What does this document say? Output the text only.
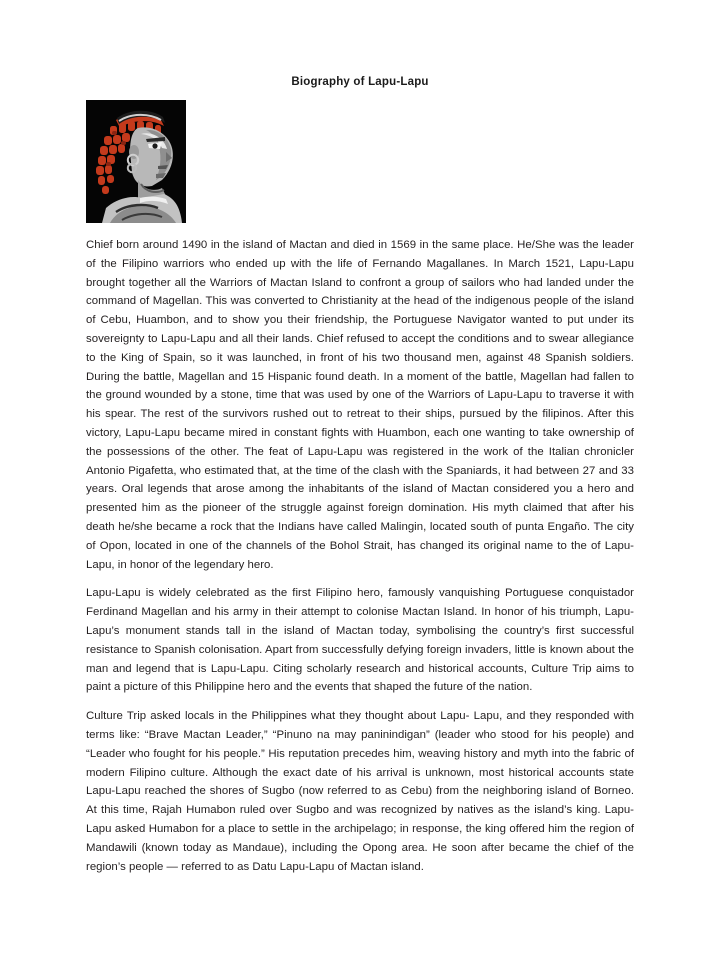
Biography of Lapu-Lapu

Chief born around 1490 in the island of Mactan and died in 1569 in the same place. He/She was the leader of the Filipino warriors who ended up with the life of Fernando Magallanes. In March 1521, Lapu-Lapu brought together all the Warriors of Mactan Island to confront a group of sailors who had landed under the command of Magellan. This was converted to Christianity at the head of the indigenous people of the island of Cebu, Huambon, and to show you their friendship, the Portuguese Navigator wanted to put under its sovereignty to Lapu-Lapu and all their lands. Chief refused to accept the conditions and to swear allegiance to the King of Spain, so it was launched, in front of his two thousand men, against 48 Spanish soldiers. During the battle, Magellan and 15 Hispanic found death. In a moment of the battle, Magellan had fallen to the ground wounded by a stone, time that was used by one of the Warriors of Lapu-Lapu to traverse it with his spear. The rest of the survivors rushed out to retreat to their ships, pursued by the filipinos. After this victory, Lapu-Lapu became mired in constant fights with Huambon, each one wanting to take ownership of the possessions of the other. The feat of Lapu-Lapu was registered in the work of the Italian chronicler Antonio Pigafetta, who estimated that, at the time of the clash with the Spaniards, it had between 27 and 33 years. Oral legends that arose among the inhabitants of the island of Mactan considered you a hero and presented him as the pioneer of the struggle against foreign domination. His myth claimed that after his death he/she became a rock that the Indians have called Malingin, located south of punta Engaño. The city of Opon, located in one of the channels of the Bohol Strait, has changed its original name to the of Lapu-Lapu, in honor of the legendary hero.

Lapu-Lapu is widely celebrated as the first Filipino hero, famously vanquishing Portuguese conquistador Ferdinand Magellan and his army in their attempt to colonise Mactan Island. In honor of his triumph, Lapu-Lapu’s monument stands tall in the island of Mactan today, symbolising the country’s first successful resistance to Spanish colonisation. Apart from successfully defying foreign invaders, little is known about the man and legend that is Lapu-Lapu. Citing scholarly research and historical accounts, Culture Trip aims to paint a picture of this Philippine hero and the events that shaped the future of the nation.

Culture Trip asked locals in the Philippines what they thought about Lapu- Lapu, and they responded with terms like: “Brave Mactan Leader,” “Pinuno na may paninindigan” (leader who stood for his people) and “Leader who fought for his people.” His reputation precedes him, weaving history and myth into the fabric of modern Filipino culture. Although the exact date of his arrival is unknown, most historical accounts state Lapu-Lapu reached the shores of Sugbo (now referred to as Cebu) from the neighboring island of Borneo. At this time, Rajah Humabon ruled over Sugbo and was recognized by natives as the island’s king. Lapu-Lapu asked Humabon for a place to settle in the archipelago; in response, the king offered him the region of Mandawili (known today as Mandaue), including the Opong area. He soon after became the chief of the region’s people — referred to as Datu Lapu-Lapu of Mactan island.
